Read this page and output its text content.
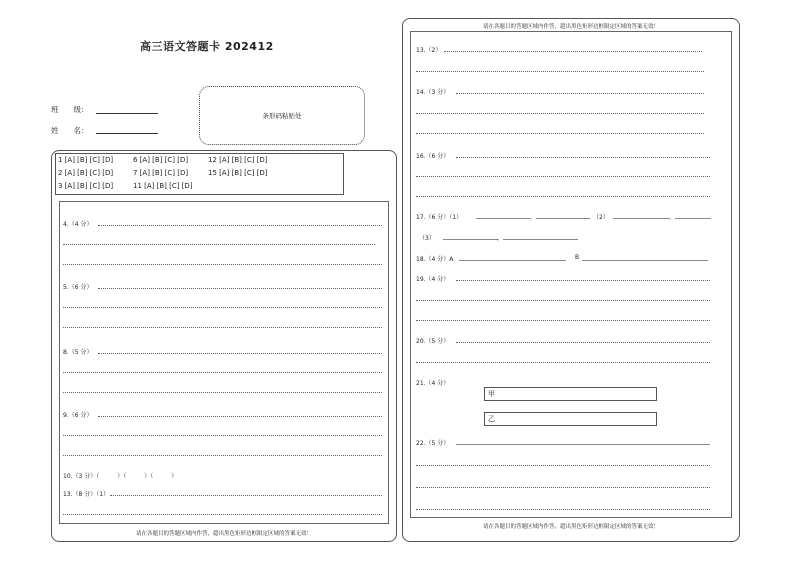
高三语文答题卡 202412
班　　级：
姓　　名：
条形码粘贴处
1 [A] [B] [C] [D]	6 [A] [B] [C] [D]	12 [A] [B] [C] [D]
2 [A] [B] [C] [D]	7 [A] [B] [C] [D]	15 [A] [B] [C] [D]
3 [A] [B] [C] [D]	11 [A] [B] [C] [D]
4.（4 分）
5.（6 分）
8.（5 分）
9.（6 分）
10.（3 分）（　　　）（　　　）（　　　）
13.（8 分）（1）
请在各题目的答题区域内作答，超出黑色矩形边框限定区域的答案无效！
请在各题目的答题区域内作答，超出黑色矩形边框限定区域的答案无效！
13.（2）
14.（3 分）
16.（6 分）
17.（6 分）（1）	，	（2）	，
（3）	，
18.（4 分）A	B
19.（4 分）
20.（5 分）
21.（4 分）
甲
乙
22.（5 分）
请在各题目的答题区域内作答，超出黑色矩形边框限定区域的答案无效！
